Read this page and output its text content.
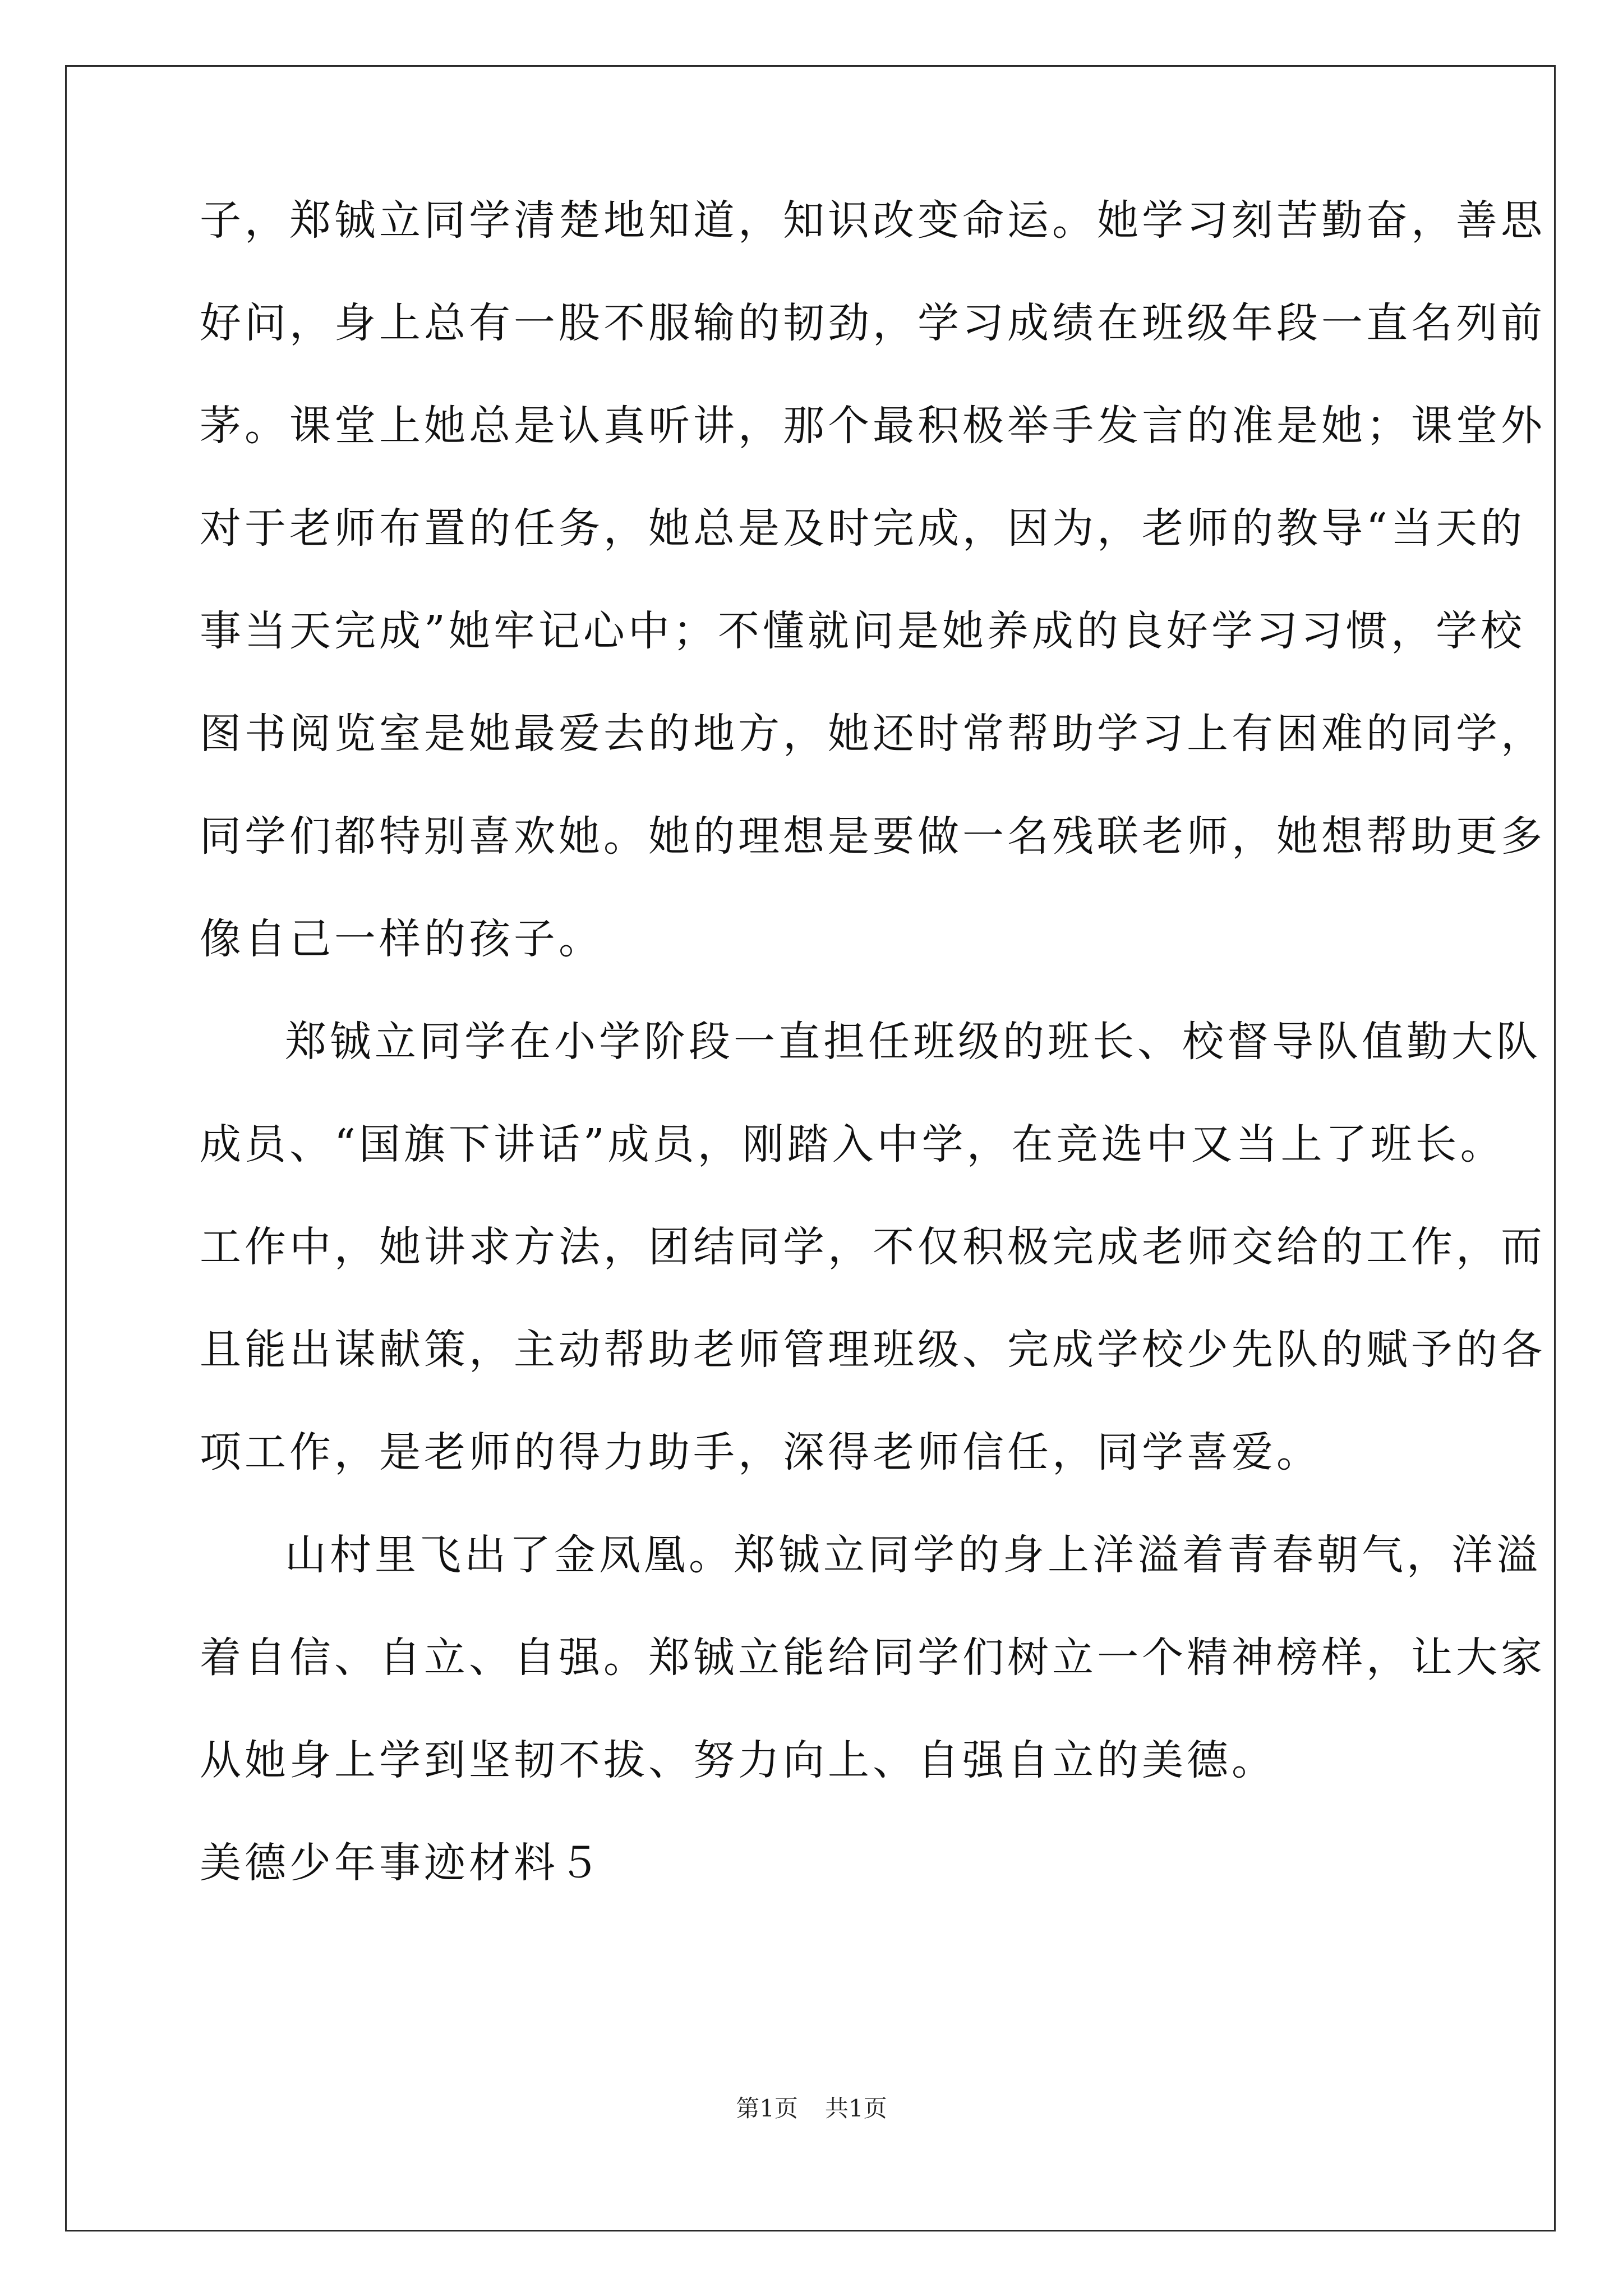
子，郑铖立同学清楚地知道，知识改变命运。她学习刻苦勤奋，善思
好问，身上总有一股不服输的韧劲，学习成绩在班级年段一直名列前
茅。课堂上她总是认真听讲，那个最积极举手发言的准是她；课堂外
对于老师布置的任务，她总是及时完成，因为，老师的教导“当天的
事当天完成”她牢记心中；不懂就问是她养成的良好学习习惯，学校
图书阅览室是她最爱去的地方，她还时常帮助学习上有困难的同学，
同学们都特别喜欢她。她的理想是要做一名残联老师，她想帮助更多
像自己一样的孩子。
郑铖立同学在小学阶段一直担任班级的班长、校督导队值勤大队
成员、“国旗下讲话”成员，刚踏入中学，在竞选中又当上了班长。
工作中，她讲求方法，团结同学，不仅积极完成老师交给的工作，而
且能出谋献策，主动帮助老师管理班级、完成学校少先队的赋予的各
项工作，是老师的得力助手，深得老师信任，同学喜爱。
山村里飞出了金凤凰。郑铖立同学的身上洋溢着青春朝气，洋溢
着自信、自立、自强。郑铖立能给同学们树立一个精神榜样，让大家
从她身上学到坚韧不拔、努力向上、自强自立的美德。
美德少年事迹材料５
第1页 共1页
